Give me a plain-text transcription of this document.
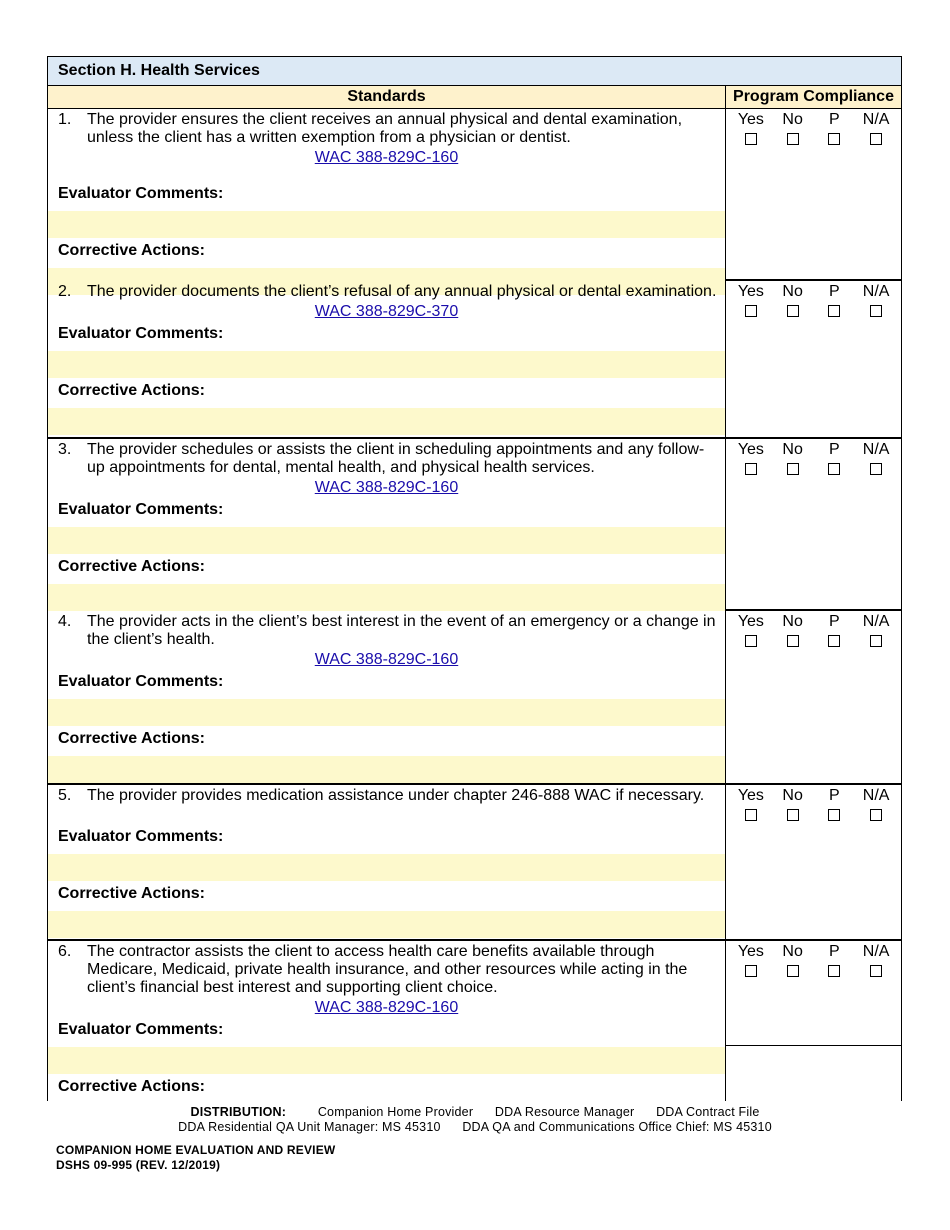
Section H. Health Services
Standards	Program Compliance
1. The provider ensures the client receives an annual physical and dental examination, unless the client has a written exemption from a physician or dentist.
WAC 388-829C-160
Evaluator Comments:
Corrective Actions:
Yes	No	P	N/A
2. The provider documents the client’s refusal of any annual physical or dental examination.
WAC 388-829C-370
Evaluator Comments:
Corrective Actions:
Yes	No	P	N/A
3. The provider schedules or assists the client in scheduling appointments and any follow-up appointments for dental, mental health, and physical health services.
WAC 388-829C-160
Evaluator Comments:
Corrective Actions:
Yes	No	P	N/A
4. The provider acts in the client’s best interest in the event of an emergency or a change in the client’s health.
WAC 388-829C-160
Evaluator Comments:
Corrective Actions:
Yes	No	P	N/A
5. The provider provides medication assistance under chapter 246-888 WAC if necessary.
Evaluator Comments:
Corrective Actions:
Yes	No	P	N/A
6. The contractor assists the client to access health care benefits available through Medicare, Medicaid, private health insurance, and other resources while acting in the client’s financial best interest and supporting client choice.
WAC 388-829C-160
Evaluator Comments:
Corrective Actions:
Yes	No	P	N/A
DISTRIBUTION:	Companion Home Provider DDA Resource Manager DDA Contract File
DDA Residential QA Unit Manager: MS 45310 DDA QA and Communications Office Chief: MS 45310
COMPANION HOME EVALUATION AND REVIEW
DSHS 09-995 (REV. 12/2019)
